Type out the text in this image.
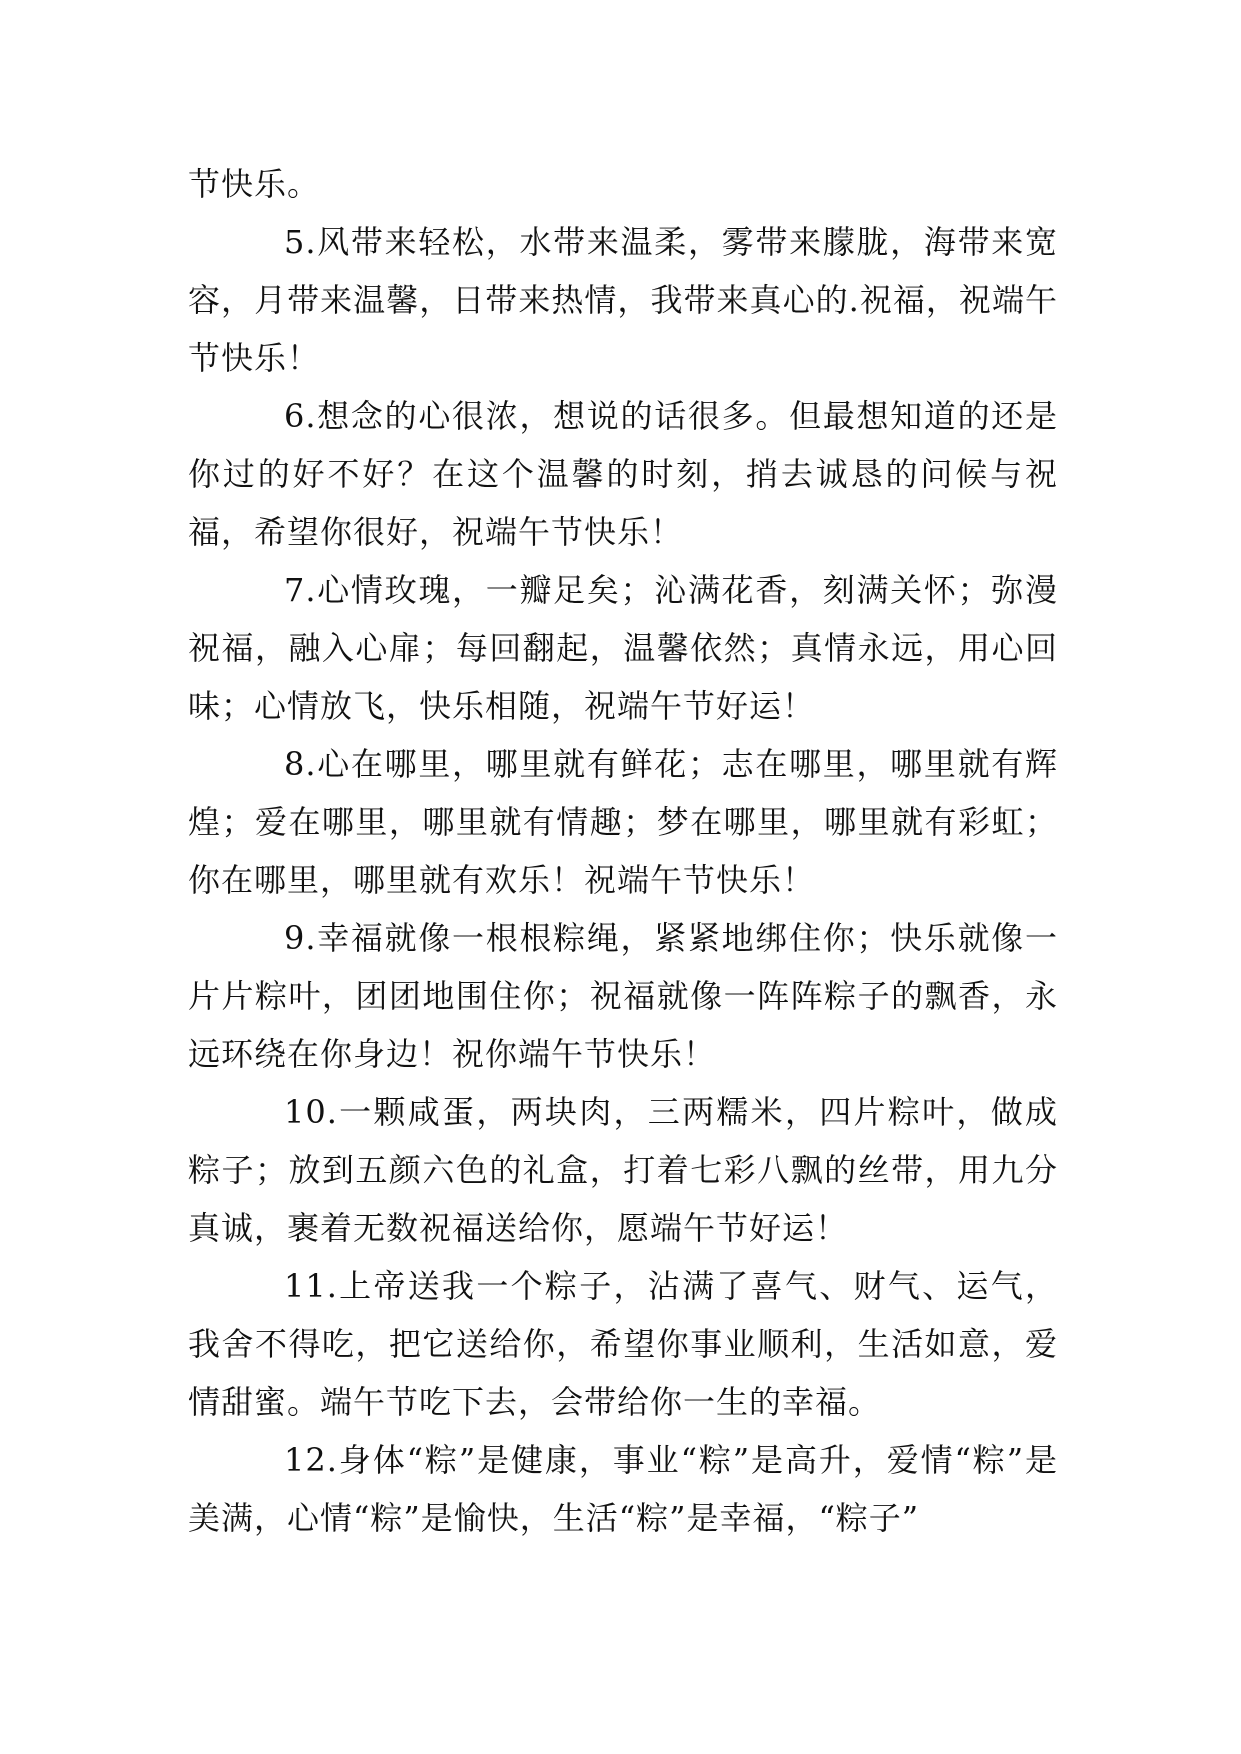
节快乐。

5.风带来轻松，水带来温柔，雾带来朦胧，海带来宽容，月带来温馨，日带来热情，我带来真心的.祝福，祝端午节快乐！

6.想念的心很浓，想说的话很多。但最想知道的还是你过的好不好？在这个温馨的时刻，捎去诚恳的问候与祝福，希望你很好，祝端午节快乐！

7.心情玫瑰，一瓣足矣；沁满花香，刻满关怀；弥漫祝福，融入心扉；每回翻起，温馨依然；真情永远，用心回味；心情放飞，快乐相随，祝端午节好运！

8.心在哪里，哪里就有鲜花；志在哪里，哪里就有辉煌；爱在哪里，哪里就有情趣；梦在哪里，哪里就有彩虹；你在哪里，哪里就有欢乐！祝端午节快乐！

9.幸福就像一根根粽绳，紧紧地绑住你；快乐就像一片片粽叶，团团地围住你；祝福就像一阵阵粽子的飘香，永远环绕在你身边！祝你端午节快乐！

10.一颗咸蛋，两块肉，三两糯米，四片粽叶，做成粽子；放到五颜六色的礼盒，打着七彩八飘的丝带，用九分真诚，裹着无数祝福送给你，愿端午节好运！

11.上帝送我一个粽子，沾满了喜气、财气、运气，我舍不得吃，把它送给你，希望你事业顺利，生活如意，爱情甜蜜。端午节吃下去，会带给你一生的幸福。

12.身体“粽”是健康，事业“粽”是高升，爱情“粽”是美满，心情“粽”是愉快，生活“粽”是幸福，“粽子”
